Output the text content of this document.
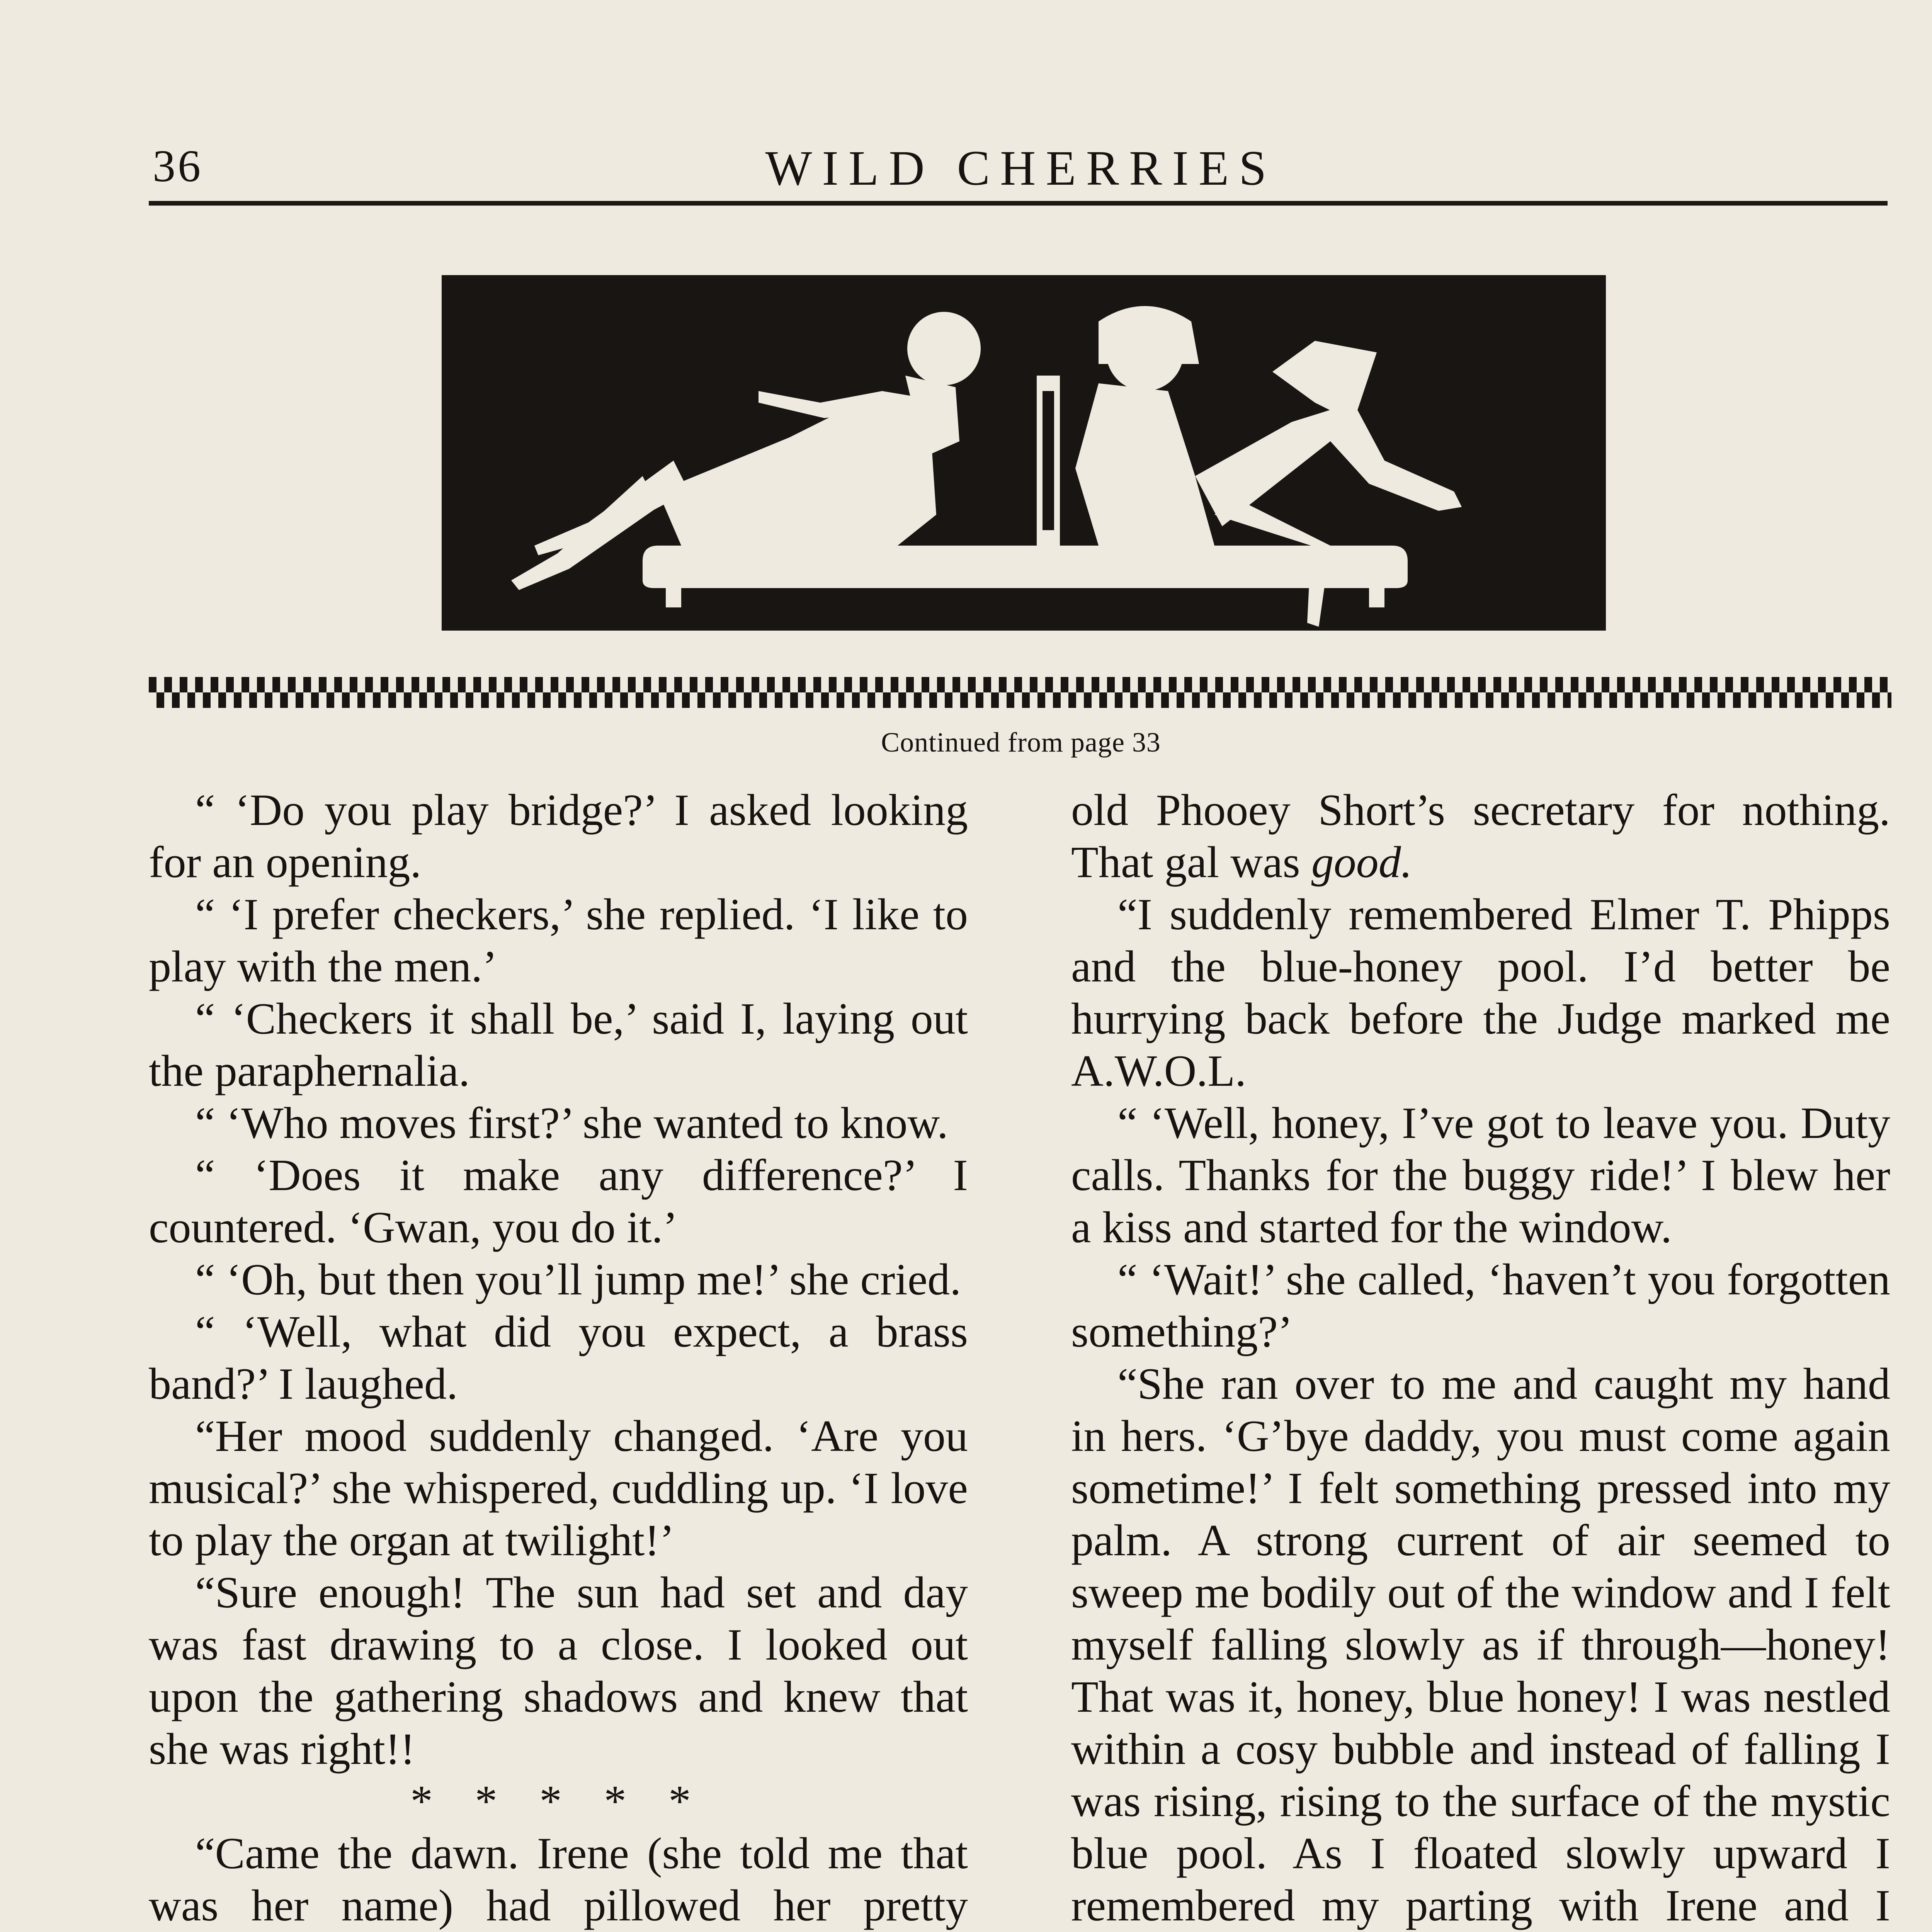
36	WILD CHERRIES
Continued from page 33

“ ‘Do you play bridge?’ I asked looking for an opening.

“ ‘I prefer checkers,’ she replied. ‘I like to play with the men.’

“ ‘Checkers it shall be,’ said I, laying out the paraphernalia.

“ ‘Who moves first?’ she wanted to know.

“ ‘Does it make any difference?’ I countered. ‘Gwan, you do it.’

“ ‘Oh, but then you’ll jump me!’ she cried.

“ ‘Well, what did you expect, a brass band?’ I laughed.

“Her mood suddenly changed. ‘Are you musical?’ she whispered, cuddling up. ‘I love to play the organ at twilight!’

“Sure enough! The sun had set and day was fast drawing to a close. I looked out upon the gathering shadows and knew that she was right!!

* * * * *

“Came the dawn. Irene (she told me that was her name) had pillowed her pretty

old Phooey Short’s secretary for nothing. That gal was good.

“I suddenly remembered Elmer T. Phipps and the blue-honey pool. I’d better be hurrying back before the Judge marked me A.W.O.L.

“ ‘Well, honey, I’ve got to leave you. Duty calls. Thanks for the buggy ride!’ I blew her a kiss and started for the window.

“ ‘Wait!’ she called, ‘haven’t you forgotten something?’

“She ran over to me and caught my hand in hers. ‘G’bye daddy, you must come again sometime!’ I felt something pressed into my palm. A strong current of air seemed to sweep me bodily out of the window and I felt myself falling slowly as if through—honey! That was it, honey, blue honey! I was nestled within a cosy bubble and instead of falling I was rising, rising to the surface of the mystic blue pool. As I floated slowly upward I remembered my parting with Irene and I
